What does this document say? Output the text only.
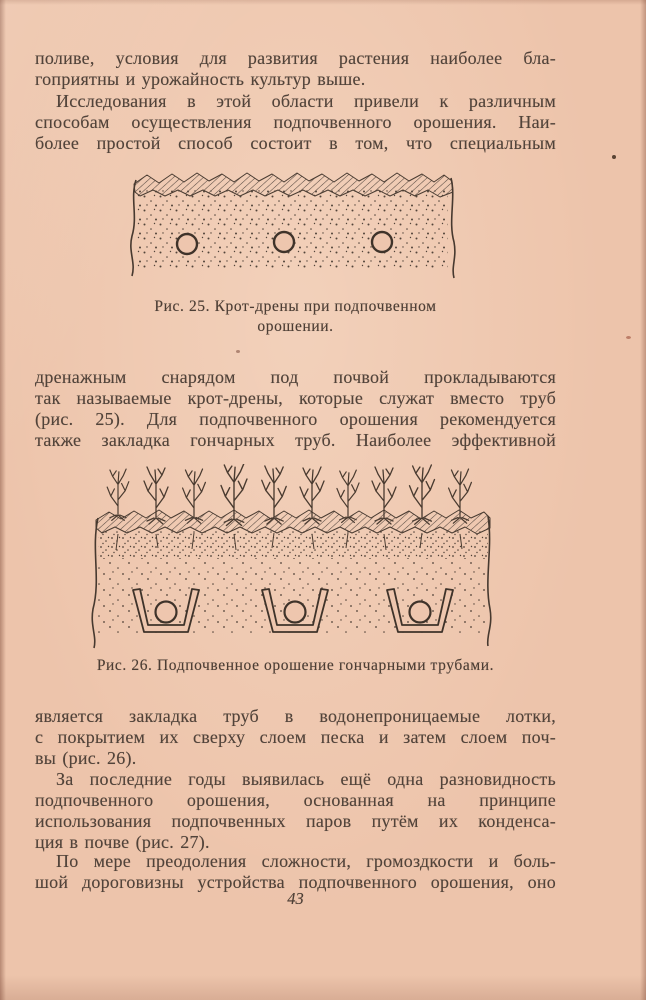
поливе, условия для развития растения наиболее бла-
гоприятны и урожайность культур выше.
Исследования в этой области привели к различным
способам осуществления подпочвенного орошения. Наи-
более простой способ состоит в том, что специальным
Рис. 25. Крот-дрены при подпочвенном
орошении.
дренажным снарядом под почвой прокладываются
так называемые крот-дрены, которые служат вместо труб
(рис. 25). Для подпочвенного орошения рекомендуется
также закладка гончарных труб. Наиболее эффективной
Рис. 26. Подпочвенное орошение гончарными трубами.
является закладка труб в водонепроницаемые лотки,
с покрытием их сверху слоем песка и затем слоем поч-
вы (рис. 26).
За последние годы выявилась ещё одна разновидность
подпочвенного орошения, основанная на принципе
использования подпочвенных паров путём их конденса-
ция в почве (рис. 27).
По мере преодоления сложности, громоздкости и боль-
шой дороговизны устройства подпочвенного орошения, оно
43
